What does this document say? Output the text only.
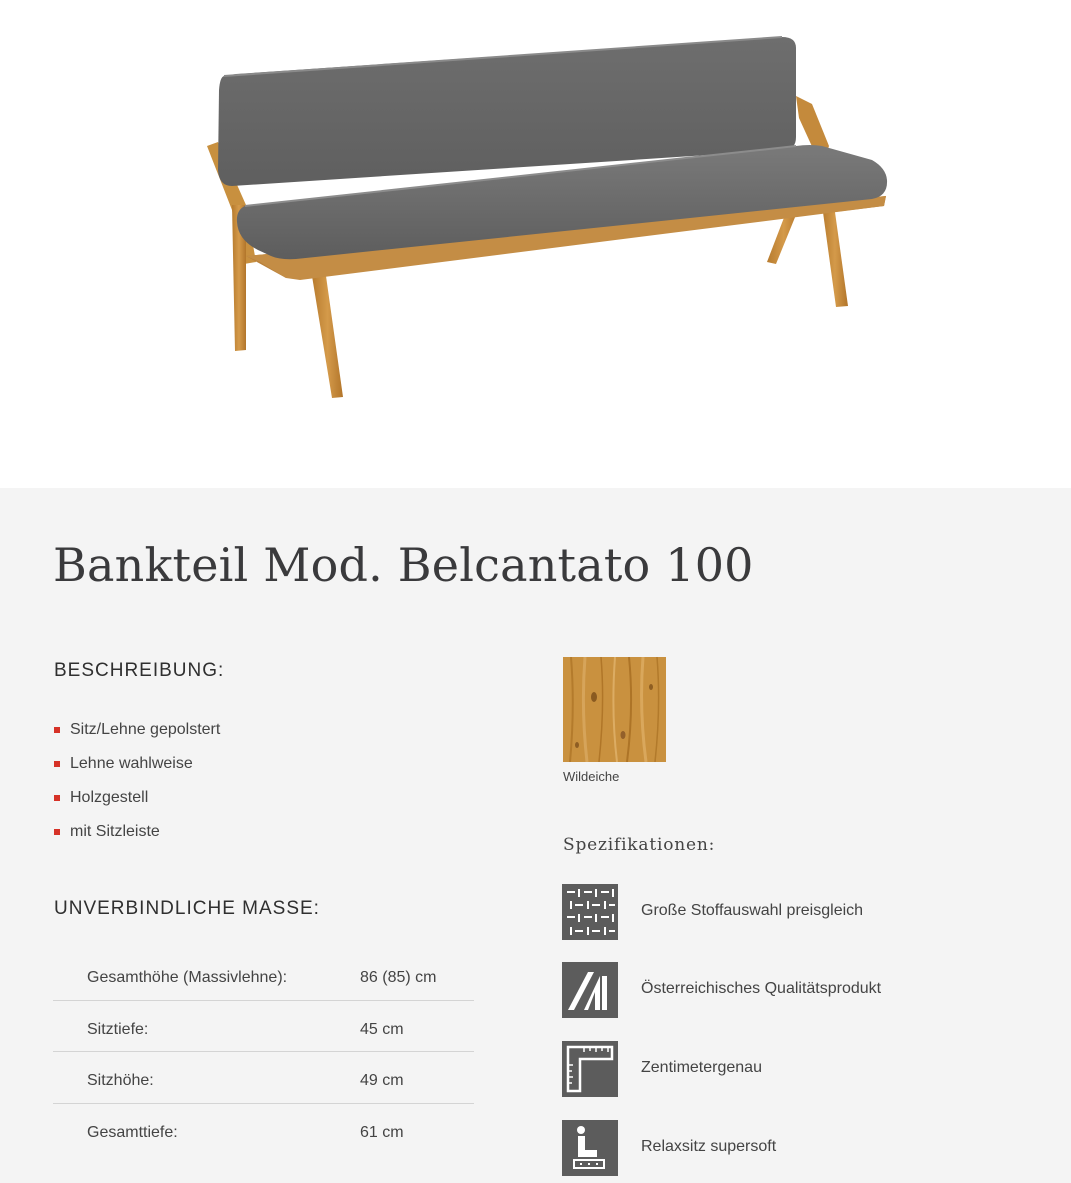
Bankteil Mod. Belcantato 100
BESCHREIBUNG:
Sitz/Lehne gepolstert
Lehne wahlweise
Holzgestell
mit Sitzleiste
UNVERBINDLICHE MASSE:
Gesamthöhe (Massivlehne):	86 (85) cm
Sitztiefe:	45 cm
Sitzhöhe:	49 cm
Gesamttiefe:	61 cm
Wildeiche
Spezifikationen:
Große Stoffauswahl preisgleich
Österreichisches Qualitätsprodukt
Zentimetergenau
Relaxsitz supersoft
